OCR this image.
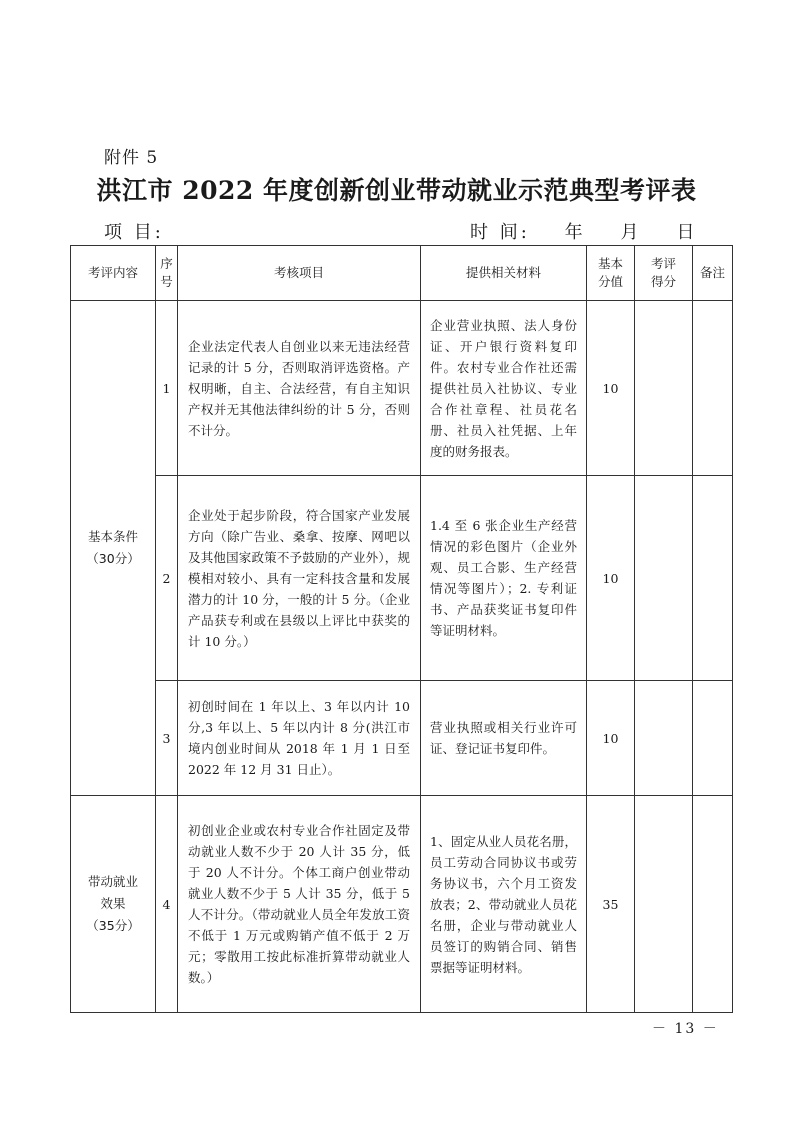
附件 5
洪江市 2022 年度创新创业带动就业示范典型考评表
项 目:	时 间:    年    月    日
考评内容	序号	考核项目	提供相关材料	基本分值	考评得分	备注

基本条件
（30分）	1	企业法定代表人自创业以来无违法经营记录的计 5 分，否则取消评选资格。产权明晰，自主、合法经营，有自主知识产权并无其他法律纠纷的计 5 分，否则不计分。	企业营业执照、法人身份证、开户银行资料复印件。农村专业合作社还需提供社员入社协议、专业合作社章程、社员花名册、社员入社凭据、上年度的财务报表。	10		
	2	企业处于起步阶段，符合国家产业发展方向（除广告业、桑拿、按摩、网吧以及其他国家政策不予鼓励的产业外），规模相对较小、具有一定科技含量和发展潜力的计 10 分，一般的计 5 分。（企业产品获专利或在县级以上评比中获奖的计 10 分。）	1.4 至 6 张企业生产经营情况的彩色图片（企业外观、员工合影、生产经营情况等图片）；2. 专利证书、产品获奖证书复印件等证明材料。	10		
	3	初创时间在 1 年以上、3 年以内计 10 分,3 年以上、5 年以内计 8 分(洪江市境内创业时间从 2018 年 1 月 1 日至 2022 年 12 月 31 日止）。	营业执照或相关行业许可证、登记证书复印件。	10		

带动就业效果
（35分）	4	初创业企业或农村专业合作社固定及带动就业人数不少于 20 人计 35 分，低于 20 人不计分。个体工商户创业带动就业人数不少于 5 人计 35 分，低于 5 人不计分。（带动就业人员全年发放工资不低于 1 万元或购销产值不低于 2 万元；零散用工按此标准折算带动就业人数。）	1、固定从业人员花名册，员工劳动合同协议书或劳务协议书，六个月工资发放表；2、带动就业人员花名册，企业与带动就业人员签订的购销合同、销售票据等证明材料。	35		
－ 13 －
